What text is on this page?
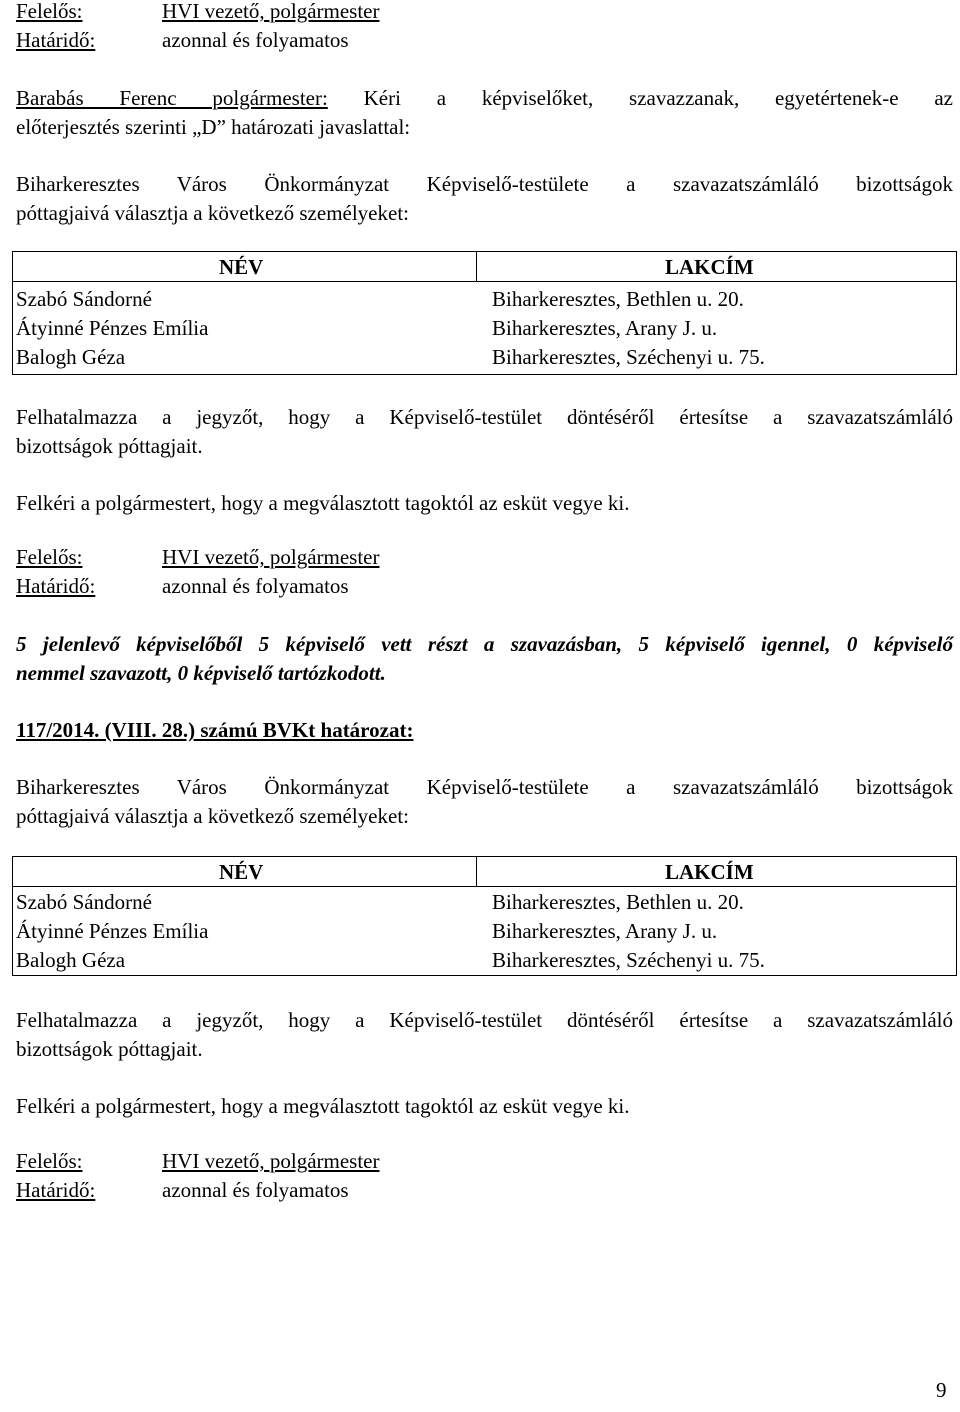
Felelős:	HVI vezető, polgármester
Határidő:	azonnal és folyamatos
Barabás Ferenc polgármester: Kéri a képviselőket, szavazzanak, egyetértenek-e az
előterjesztés szerinti „D” határozati javaslattal:
Biharkeresztes Város Önkormányzat Képviselő-testülete a szavazatszámláló bizottságok
póttagjaivá választja a következő személyeket:
NÉV	LAKCÍM
Szabó Sándorné	Biharkeresztes, Bethlen u. 20.
Átyinné Pénzes Emília	Biharkeresztes, Arany J. u.
Balogh Géza	Biharkeresztes, Széchenyi u. 75.
Felhatalmazza a jegyzőt, hogy a Képviselő-testület döntéséről értesítse a szavazatszámláló
bizottságok póttagjait.
Felkéri a polgármestert, hogy a megválasztott tagoktól az esküt vegye ki.
Felelős:	HVI vezető, polgármester
Határidő:	azonnal és folyamatos
5 jelenlevő képviselőből 5 képviselő vett részt a szavazásban, 5 képviselő igennel, 0 képviselő
nemmel szavazott, 0 képviselő tartózkodott.
117/2014. (VIII. 28.) számú BVKt határozat:
Biharkeresztes Város Önkormányzat Képviselő-testülete a szavazatszámláló bizottságok
póttagjaivá választja a következő személyeket:
NÉV	LAKCÍM
Szabó Sándorné	Biharkeresztes, Bethlen u. 20.
Átyinné Pénzes Emília	Biharkeresztes, Arany J. u.
Balogh Géza	Biharkeresztes, Széchenyi u. 75.
Felhatalmazza a jegyzőt, hogy a Képviselő-testület döntéséről értesítse a szavazatszámláló
bizottságok póttagjait.
Felkéri a polgármestert, hogy a megválasztott tagoktól az esküt vegye ki.
Felelős:	HVI vezető, polgármester
Határidő:	azonnal és folyamatos
9
